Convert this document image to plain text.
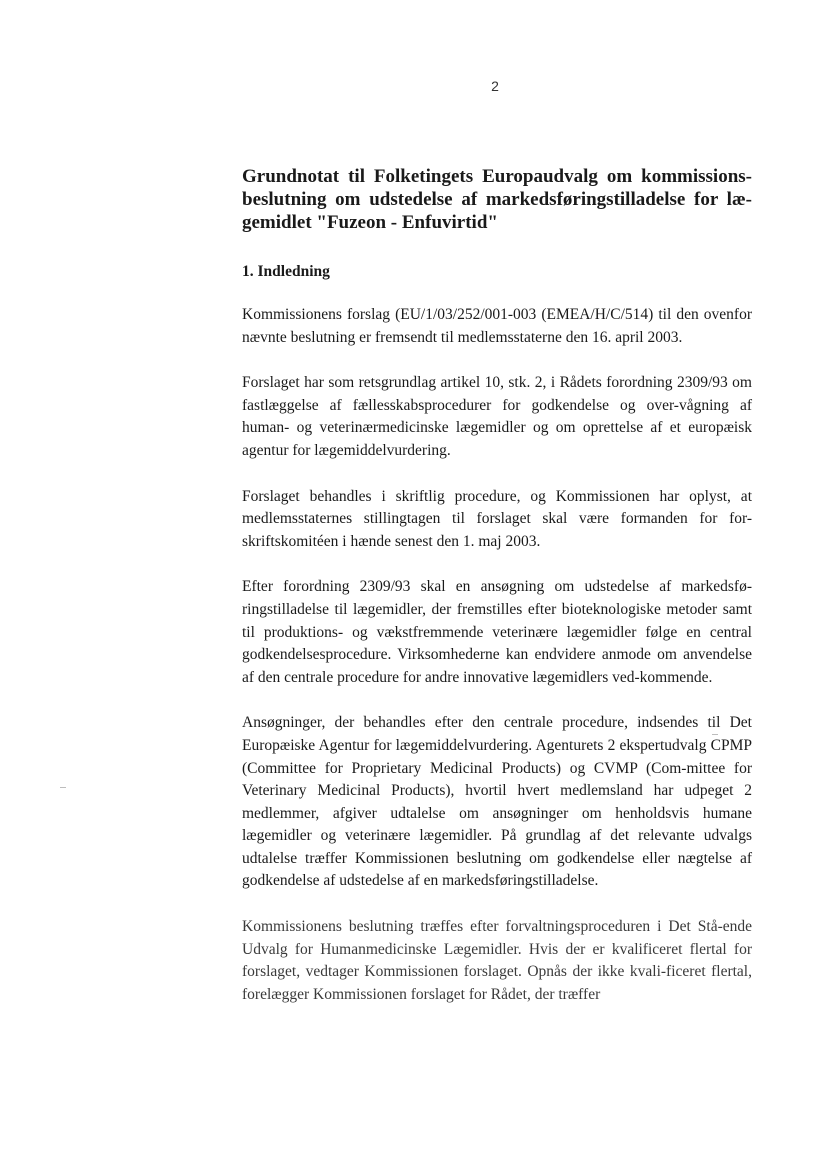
2
Grundnotat til Folketingets Europaudvalg om kommissions-beslutning om udstedelse af markedsføringstilladelse for læ-gemidlet "Fuzeon - Enfuvirtid"
1. Indledning

Kommissionens forslag (EU/1/03/252/001-003 (EMEA/H/C/514) til den ovenfor nævnte beslutning er fremsendt til medlemsstaterne den 16. april 2003.

Forslaget har som retsgrundlag artikel 10, stk. 2, i Rådets forordning 2309/93 om fastlæggelse af fællesskabsprocedurer for godkendelse og over-vågning af human- og veterinærmedicinske lægemidler og om oprettelse af et europæisk agentur for lægemiddelvurdering.

Forslaget behandles i skriftlig procedure, og Kommissionen har oplyst, at medlemsstaternes stillingtagen til forslaget skal være formanden for for-skriftskomitéen i hænde senest den 1. maj 2003.

Efter forordning 2309/93 skal en ansøgning om udstedelse af markedsfø-ringstilladelse til lægemidler, der fremstilles efter bioteknologiske metoder samt til produktions- og vækstfremmende veterinære lægemidler følge en central godkendelsesprocedure. Virksomhederne kan endvidere anmode om anvendelse af den centrale procedure for andre innovative lægemidlers ved-kommende.

Ansøgninger, der behandles efter den centrale procedure, indsendes til Det Europæiske Agentur for lægemiddelvurdering. Agenturets 2 ekspertudvalg CPMP (Committee for Proprietary Medicinal Products) og CVMP (Com-mittee for Veterinary Medicinal Products), hvortil hvert medlemsland har udpeget 2 medlemmer, afgiver udtalelse om ansøgninger om henholdsvis humane lægemidler og veterinære lægemidler. På grundlag af det relevante udvalgs udtalelse træffer Kommissionen beslutning om godkendelse eller nægtelse af godkendelse af udstedelse af en markedsføringstilladelse.

Kommissionens beslutning træffes efter forvaltningsproceduren i Det Stå-ende Udvalg for Humanmedicinske Lægemidler. Hvis der er kvalificeret flertal for forslaget, vedtager Kommissionen forslaget. Opnås der ikke kvali-ficeret flertal, forelægger Kommissionen forslaget for Rådet, der træffer
